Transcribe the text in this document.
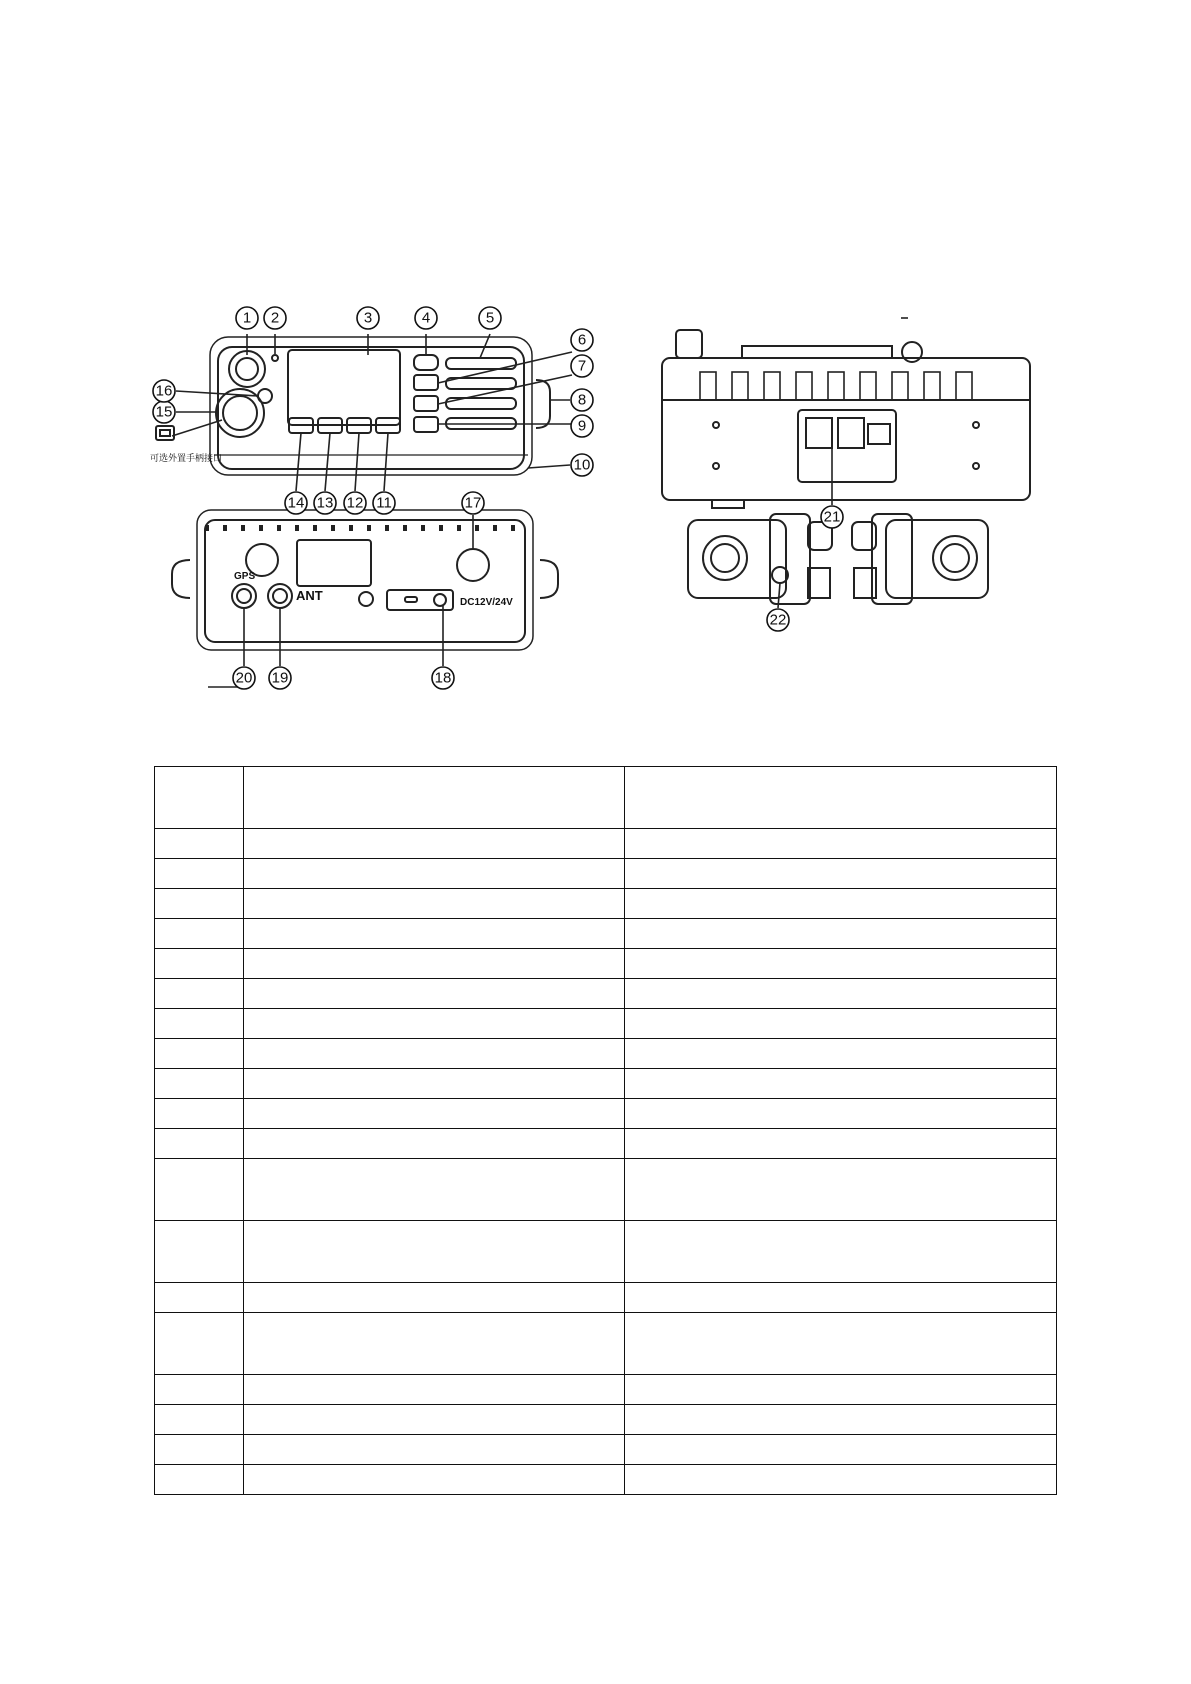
可选外置手柄接口
GPS
ANT	DC12V/24V
1 2	3	4	5
6
7
8
9
10
11
12
13
14
15
16
17
18
19
20
21
22
